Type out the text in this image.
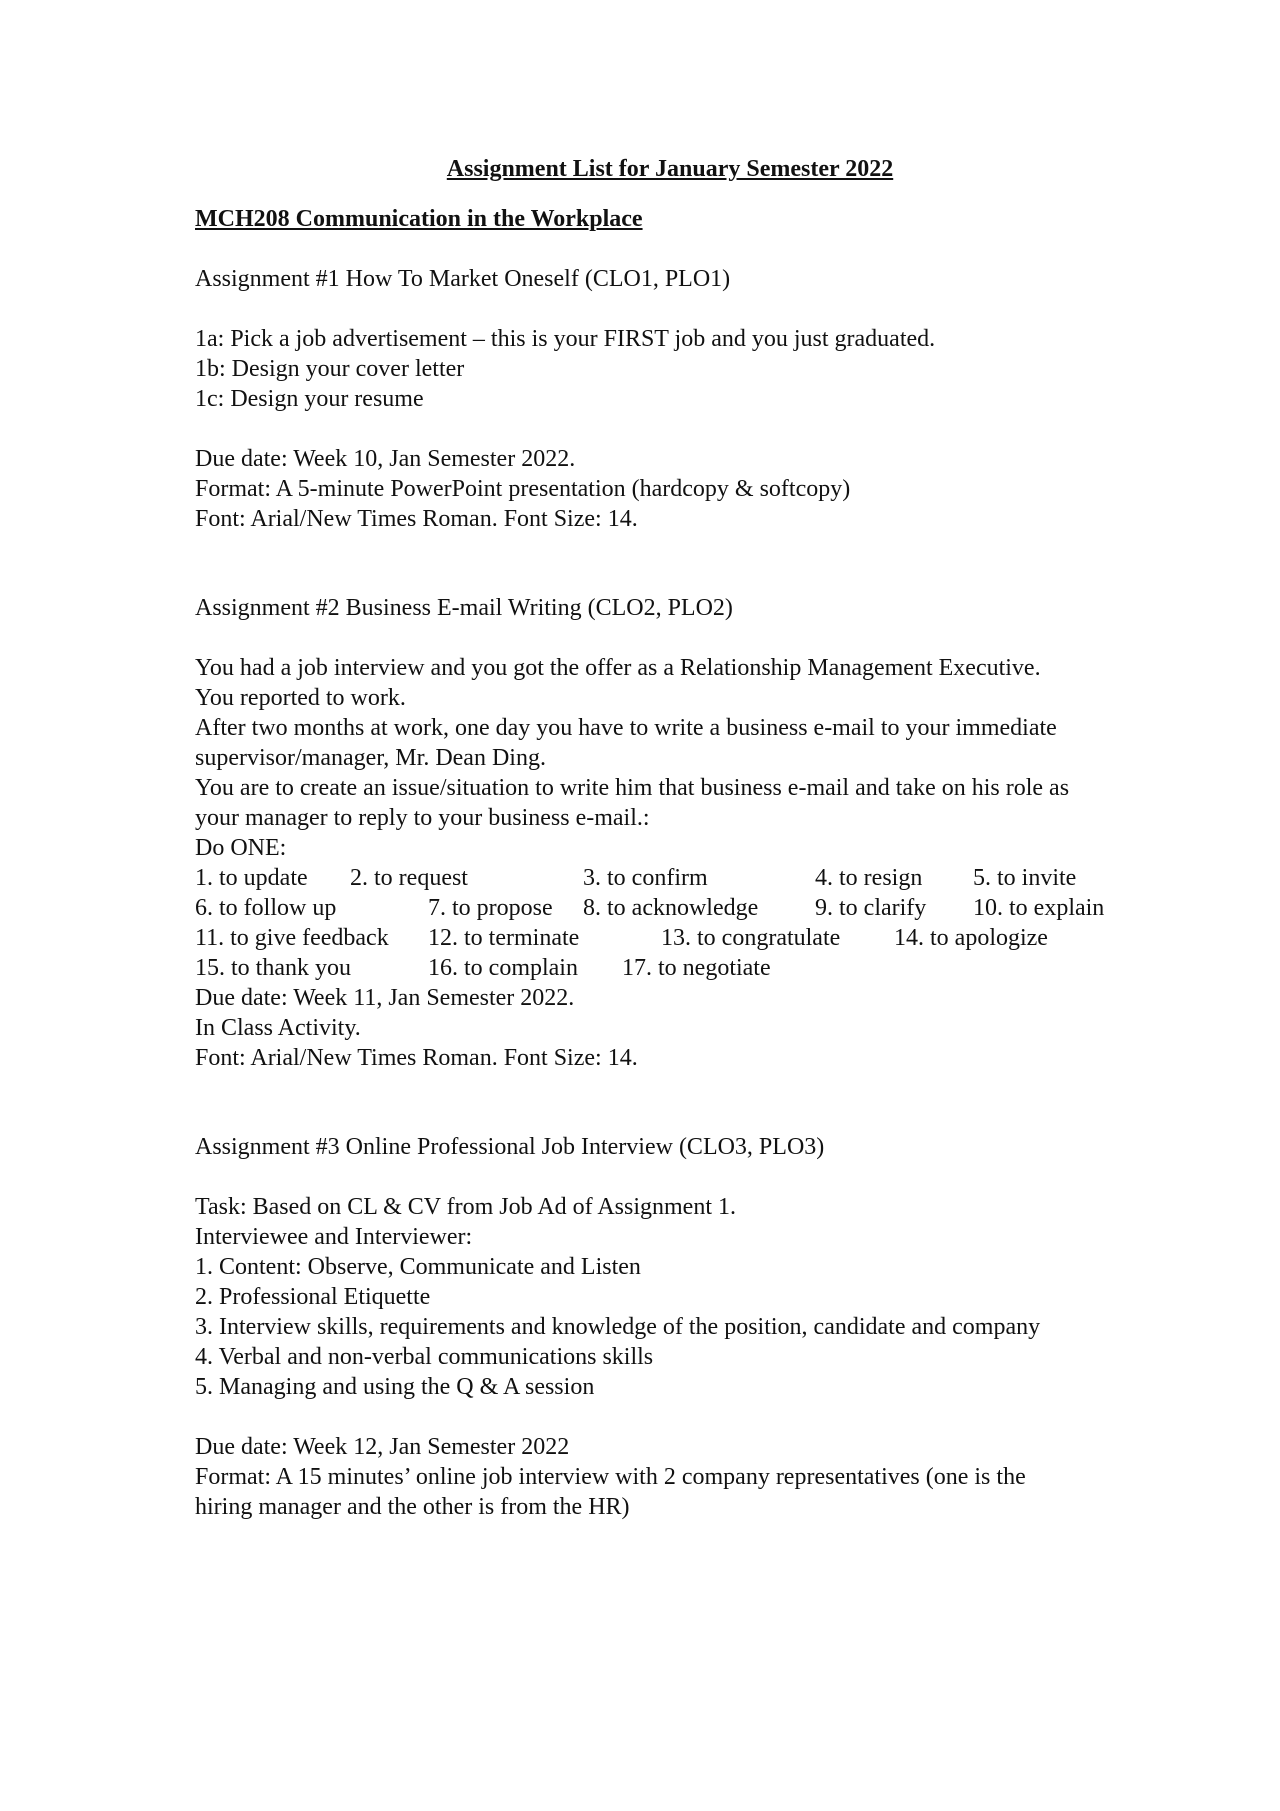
Assignment List for January Semester 2022
MCH208 Communication in the Workplace
Assignment #1 How To Market Oneself (CLO1, PLO1)
1a: Pick a job advertisement – this is your FIRST job and you just graduated.
1b: Design your cover letter
1c: Design your resume
Due date: Week 10, Jan Semester 2022.
Format: A 5-minute PowerPoint presentation (hardcopy & softcopy)
Font: Arial/New Times Roman. Font Size: 14.
Assignment #2 Business E-mail Writing (CLO2, PLO2)
You had a job interview and you got the offer as a Relationship Management Executive.
You reported to work.
After two months at work, one day you have to write a business e-mail to your immediate
supervisor/manager, Mr. Dean Ding.
You are to create an issue/situation to write him that business e-mail and take on his role as
your manager to reply to your business e-mail.:
Do ONE:
1. to update 2. to request	3. to confirm	4. to resign 5. to invite
6. to follow up	7. to propose 8. to acknowledge 9. to clarify 10. to explain
11. to give feedback 12. to terminate	13. to congratulate 14. to apologize
15. to thank you	16. to complain 17. to negotiate
Due date: Week 11, Jan Semester 2022.
In Class Activity.
Font: Arial/New Times Roman. Font Size: 14.
Assignment #3 Online Professional Job Interview (CLO3, PLO3)
Task: Based on CL & CV from Job Ad of Assignment 1.
Interviewee and Interviewer:
1. Content: Observe, Communicate and Listen
2. Professional Etiquette
3. Interview skills, requirements and knowledge of the position, candidate and company
4. Verbal and non-verbal communications skills
5. Managing and using the Q & A session
Due date: Week 12, Jan Semester 2022
Format: A 15 minutes’ online job interview with 2 company representatives (one is the
hiring manager and the other is from the HR)
